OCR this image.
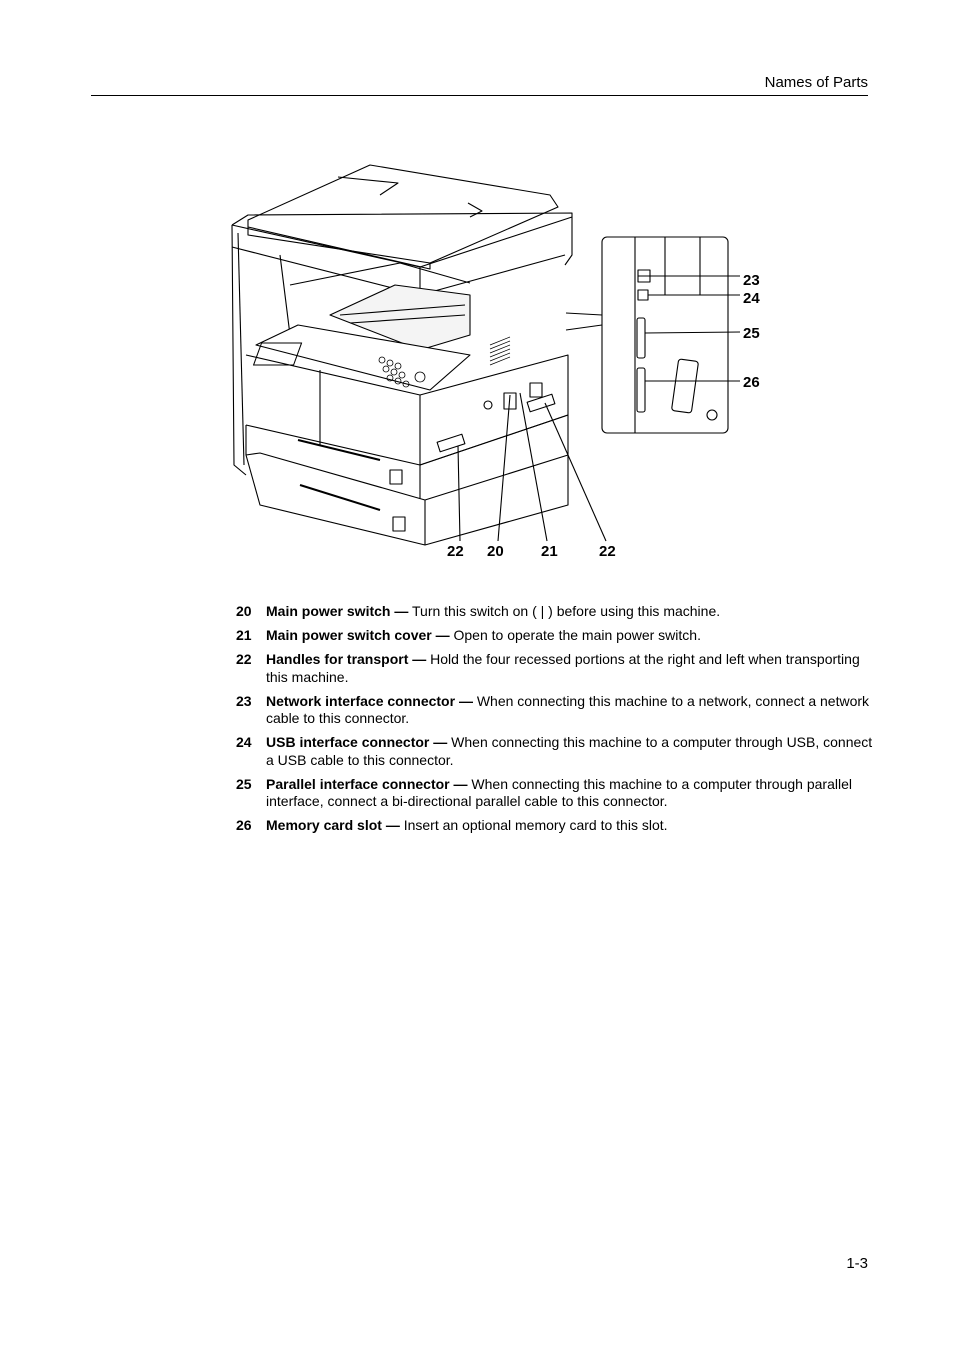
Names of Parts
22 20 21	22
23
24
25
26
20 Main power switch — Turn this switch on ( | ) before using this machine.
21 Main power switch cover — Open to operate the main power switch.
22 Handles for transport — Hold the four recessed portions at the right and left when transporting this machine.
23 Network interface connector — When connecting this machine to a network, connect a network cable to this connector.
24 USB interface connector — When connecting this machine to a computer through USB, connect a USB cable to this connector.
25 Parallel interface connector — When connecting this machine to a computer through parallel interface, connect a bi-directional parallel cable to this connector.
26 Memory card slot — Insert an optional memory card to this slot.
1-3
